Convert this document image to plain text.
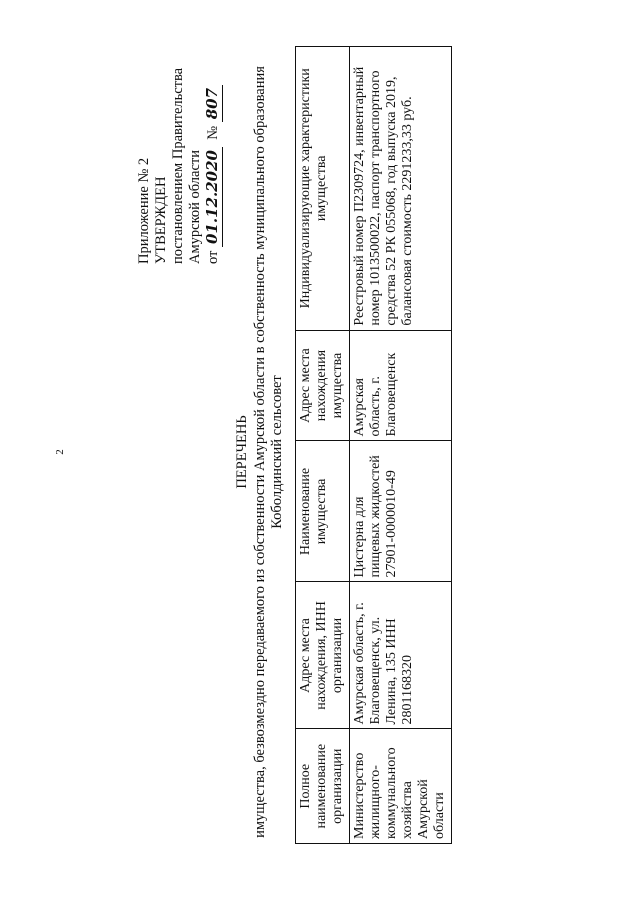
2
Приложение № 2 УТВЕРЖДЕН постановлением Правительства Амурской области от 01.12.2020  № 807
ПЕРЕЧЕНЬ имущества, безвозмездно передаваемого из собственности Амурской области в собственность муниципального образования Коболдинский сельсовет
Полное наименование организации	Адрес места нахождения, ИНН организации	Наименование имущества	Адрес места нахождения имущества	Индивидуализирующие характеристики имущества
Министерство жилищного-коммунального хозяйства Амурской области	Амурская область, г. Благовещенск, ул. Ленина, 135 ИНН 2801168320	Цистерна для пищевых жидкостей 27901-0000010-49	Амурская область, г. Благовещенск	Реестровый номер П2309724, инвентарный номер 1013500022, паспорт транспортного средства 52 РК 055068, год выпуска 2019, балансовая стоимость 2291233,33 руб.
